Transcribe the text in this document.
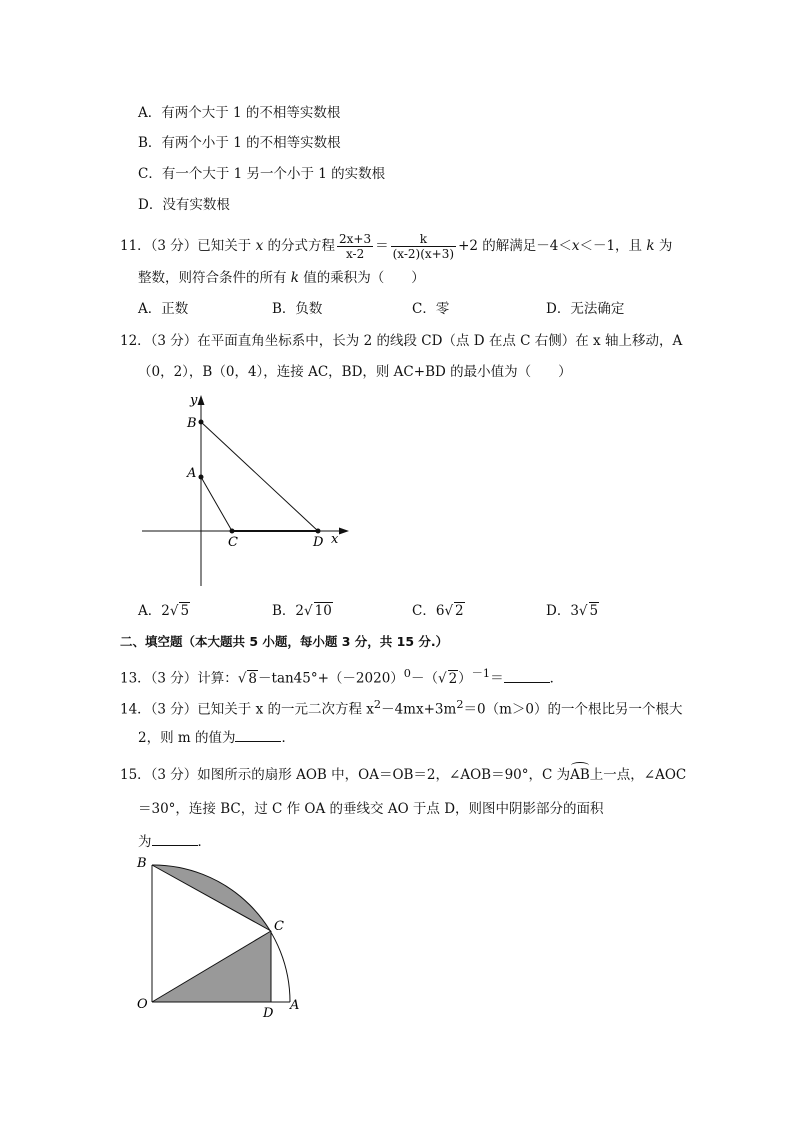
A．有两个大于 1 的不相等实数根
B．有两个小于 1 的不相等实数根
C．有一个大于 1 另一个小于 1 的实数根
D．没有实数根
11．（3 分）已知关于 x 的分式方程 $\frac{2x+3}{x-2} = \frac{k}{(x-2)(x+3)} +2$ 的解满足－4＜x＜－1，且 k 为
整数，则符合条件的所有 k 值的乘积为（　　）
A．正数	B．负数	C．零	D．无法确定
12．（3 分）在平面直角坐标系中，长为 2 的线段 CD（点 D 在点 C 右侧）在 x 轴上移动，A
（0，2），B（0，4），连接 AC，BD，则 AC+BD 的最小值为（　　）
y
B
A
C	D x
A．2√ 5	B．2√ 10	C．6√ 2	D．3√ 5
二、填空题（本大题共 5 小题，每小题 3 分，共 15 分.）
13．（3 分）计算：√ $8-\tan 45^\circ+(-2020)^0-(√$ 2）$^{-1}$＝	．
14．（3 分）已知关于 x 的一元二次方程 $x^2-4mx+3m^2=0(m>0)$的一个根比另一个根大
2，则 m 的值为	．
15．（3 分）如图所示的扇形 AOB 中，OA＝OB＝2，∠AOB＝90°，C 为AB上一点，∠AOC
＝30°，连接 BC，过 C 作 OA 的垂线交 AO 于点 D，则图中阴影部分的面积
为	．
B
C
O
D
A
